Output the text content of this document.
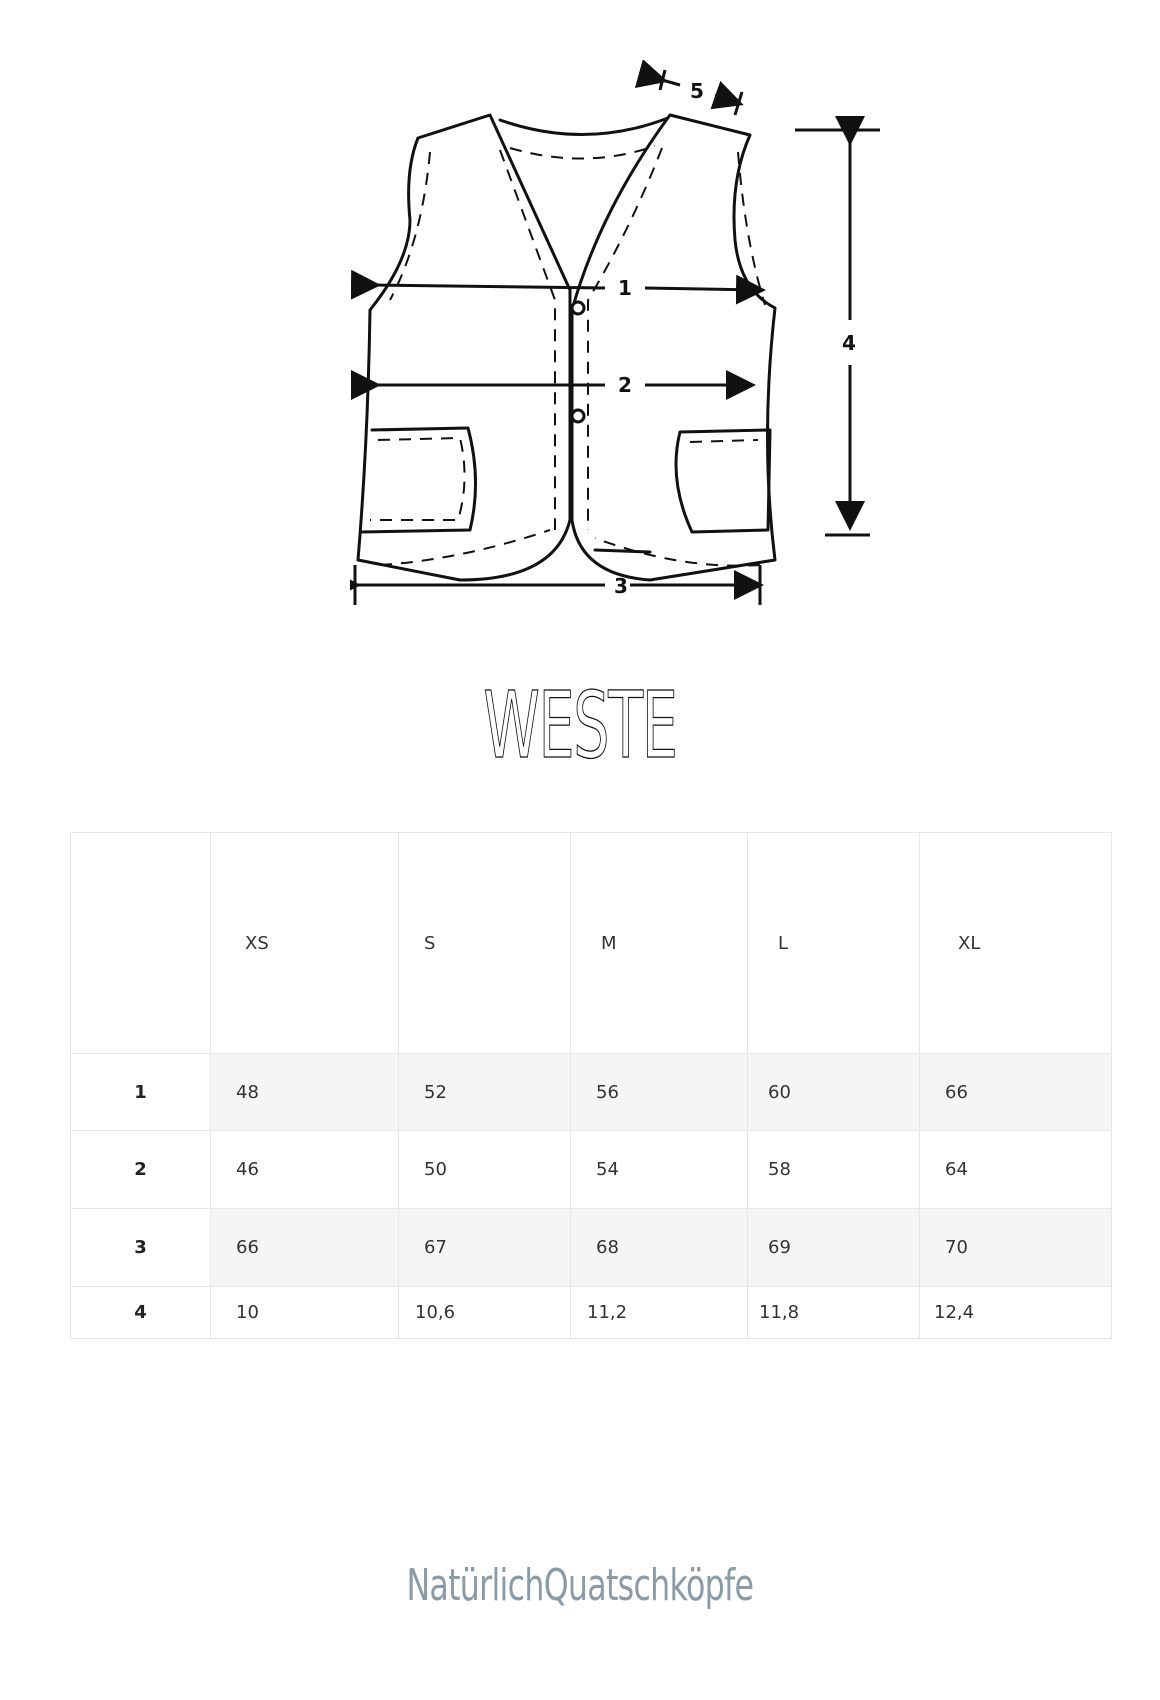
1
2
3
4
5
WESTE
	XS	S	M	L	XL
1	48	52	56	60	66
2	46	50	54	58	64
3	66	67	68	69	70
4	10	10,6	11,2	11,8	12,4
NatürlichQuatschköpfe
